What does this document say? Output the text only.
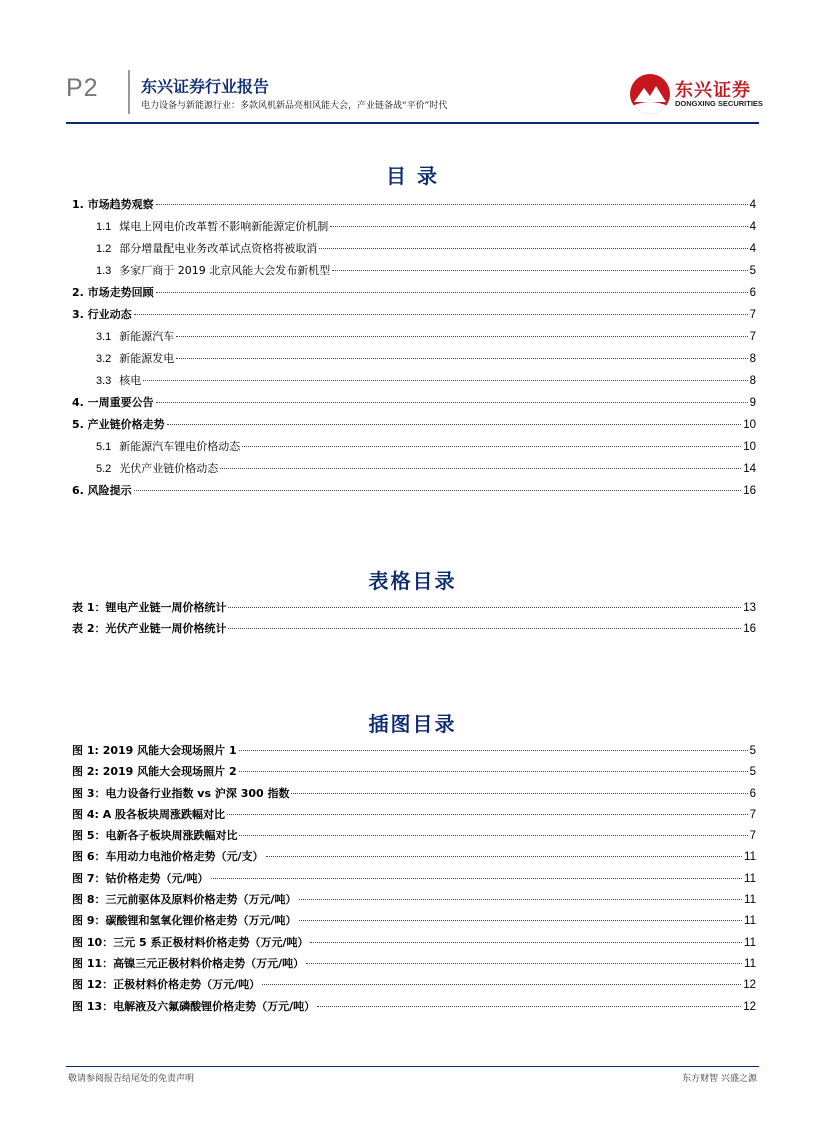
P2	东兴证券行业报告
电力设备与新能源行业：多款风机新品亮相风能大会，产业链备战“平价”时代
东兴证券
DONGXING SECURITIES
目 录
1. 市场趋势观察	4
1.1 煤电上网电价改革暂不影响新能源定价机制	4
1.2 部分增量配电业务改革试点资格将被取消	4
1.3 多家厂商于 2019 北京风能大会发布新机型	5
2. 市场走势回顾	6
3. 行业动态	7
3.1 新能源汽车	7
3.2 新能源发电	8
3.3 核电	8
4. 一周重要公告	9
5. 产业链价格走势	10
5.1 新能源汽车锂电价格动态	10
5.2 光伏产业链价格动态	14
6. 风险提示	16
表格目录
表 1：锂电产业链一周价格统计	13
表 2：光伏产业链一周价格统计	16
插图目录
图 1: 2019 风能大会现场照片 1	5
图 2: 2019 风能大会现场照片 2	5
图 3：电力设备行业指数 vs 沪深 300 指数	6
图 4: A 股各板块周涨跌幅对比	7
图 5：电新各子板块周涨跌幅对比	7
图 6：车用动力电池价格走势（元/支）	11
图 7：钴价格走势（元/吨）	11
图 8：三元前驱体及原料价格走势（万元/吨）	11
图 9：碳酸锂和氢氧化锂价格走势（万元/吨）	11
图 10：三元 5 系正极材料价格走势（万元/吨）	11
图 11：高镍三元正极材料价格走势（万元/吨）	11
图 12：正极材料价格走势（万元/吨）	12
图 13：电解液及六氟磷酸锂价格走势（万元/吨）	12
敬请参阅报告结尾处的免责声明	东方财智 兴盛之源
